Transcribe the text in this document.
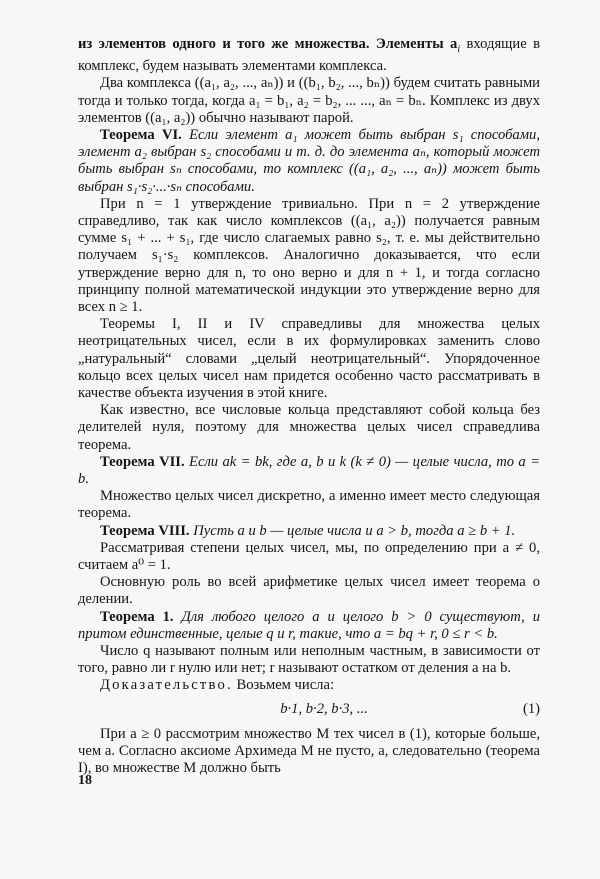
из элементов одного и того же множества. Элементы $a_i$ входящие в комплекс, будем называть элементами комплекса.

Два комплекса ((a₁, a₂, ..., aₙ)) и ((b₁, b₂, ..., bₙ)) будем считать равными тогда и только тогда, когда a₁ = b₁, a₂ = b₂, ... ..., aₙ = bₙ. Комплекс из двух элементов ((a₁, a₂)) обычно называют парой.

Теорема VI. Если элемент a₁ может быть выбран s₁ способами, элемент a₂ выбран s₂ способами и т. д. до элемента aₙ, который может быть выбран sₙ способами, то комплекс ((a₁, a₂, ..., aₙ)) может быть выбран s₁·s₂·...·sₙ способами.

При n = 1 утверждение тривиально. При n = 2 утверждение справедливо, так как число комплексов ((a₁, a₂)) получается равным сумме s₁ + ... + s₁, где число слагаемых равно s₂, т. е. мы действительно получаем s₁·s₂ комплексов. Аналогично доказывается, что если утверждение верно для n, то оно верно и для n + 1, и тогда согласно принципу полной математической индукции это утверждение верно для всех n ≥ 1.

Теоремы I, II и IV справедливы для множества целых неотрицательных чисел, если в их формулировках заменить слово „натуральный“ словами „целый неотрицательный“. Упорядоченное кольцо всех целых чисел нам придется особенно часто рассматривать в качестве объекта изучения в этой книге.

Как известно, все числовые кольца представляют собой кольца без делителей нуля, поэтому для множества целых чисел справедлива теорема.

Теорема VII. Если ak = bk, где a, b и k (k ≠ 0) — целые числа, то a = b.

Множество целых чисел дискретно, а именно имеет место следующая теорема.

Теорема VIII. Пусть a и b — целые числа и a > b, тогда a ≥ b + 1.

Рассматривая степени целых чисел, мы, по определению при a ≠ 0, считаем a⁰ = 1.

Основную роль во всей арифметике целых чисел имеет теорема о делении.

Теорема 1. Для любого целого a и целого b > 0 существуют, и притом единственные, целые q и r, такие, что a = bq + r, 0 ≤ r < b.

Число q называют полным или неполным частным, в зависимости от того, равно ли r нулю или нет; r называют остатком от деления a на b.

Доказательство. Возьмем числа:

b·1, b·2, b·3, ...	(1)

При a ≥ 0 рассмотрим множество M тех чисел в (1), которые больше, чем a. Согласно аксиоме Архимеда M не пусто, а, следовательно (теорема I), во множестве M должно быть

18
